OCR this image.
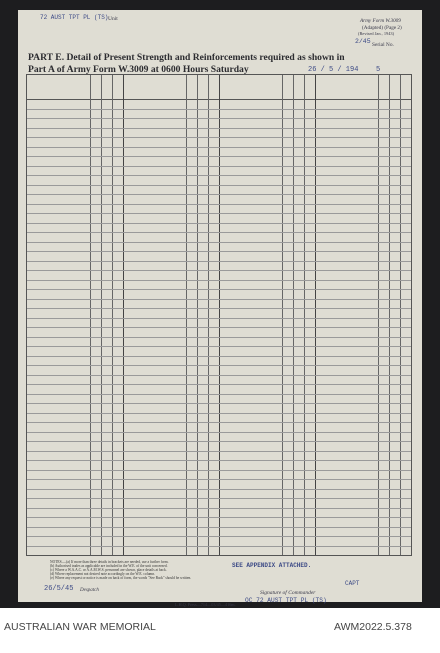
72 AUST TPT PL (TS) Unit	Army Form W.3009
(Adapted) (Page 2)
(Revised Jan., 1943)
2/45 Serial No.
PART E. Detail of Present Strength and Reinforcements required as shown in
Part A of Army Form W.3009 at 0600 Hours Saturday	26 / 5 / 194	5
NOTES.—(a) If more than three details in brackets are needed, use a further form.
(b) Authorised trades as applicable are included in the W.E. of the unit concerned.
(c) Where a W.A.A.C. or A.A.M.W.S. personnel are shown, place details at back.
(d) Where replacement not desired note accordingly on the W.E. column.
(e) Where any request or notice is made on back of form, the words "See Back" should be written.
SEE APPENDIX ATTACHED.
26/5/45 Despatch
CAPT
Signature of Commander
OC 72 AUST TPT PL (TS)
L.H.Q. Press—714—03/45—416m.
AUSTRALIAN WAR MEMORIAL	AWM2022.5.378
